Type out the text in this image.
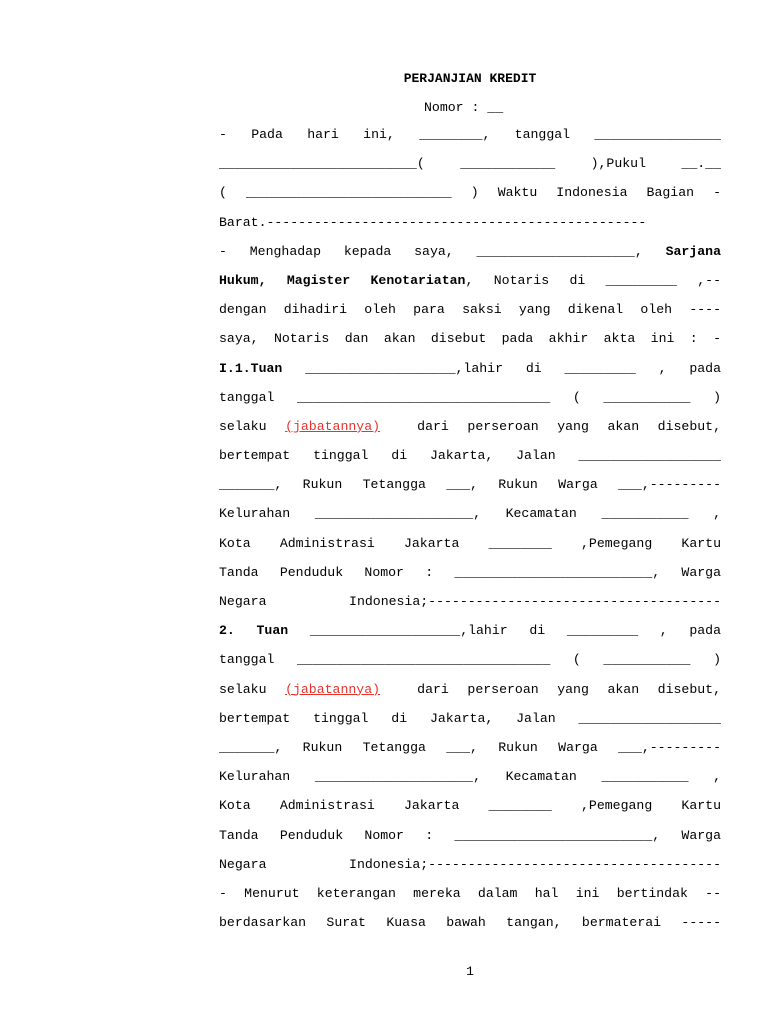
PERJANJIAN KREDIT
Nomor : __
- Pada hari ini, ________, tanggal ________________
_________________________( ____________ ),Pukul __.__
( __________________________ ) Waktu Indonesia Bagian -
Barat.------------------------------------------------
- Menghadap kepada saya, ____________________, Sarjana
Hukum, Magister Kenotariatan, Notaris di _________ ,--
dengan dihadiri oleh para saksi yang dikenal oleh ----
saya, Notaris dan akan disebut pada akhir akta ini : -
I.1.Tuan ___________________,lahir di _________ , pada
tanggal ________________________________ ( ___________ )
selaku (jabatannya)  dari perseroan yang akan disebut,
bertempat tinggal di Jakarta, Jalan __________________
_______, Rukun Tetangga ___, Rukun Warga ___,---------
Kelurahan ____________________, Kecamatan ___________ ,
Kota Administrasi Jakarta ________ ,Pemegang Kartu
Tanda Penduduk Nomor : _________________________, Warga
Negara Indonesia;-------------------------------------
2. Tuan ___________________,lahir di _________ , pada
tanggal ________________________________ ( ___________ )
selaku (jabatannya)  dari perseroan yang akan disebut,
bertempat tinggal di Jakarta, Jalan __________________
_______, Rukun Tetangga ___, Rukun Warga ___,---------
Kelurahan ____________________, Kecamatan ___________ ,
Kota Administrasi Jakarta ________ ,Pemegang Kartu
Tanda Penduduk Nomor : _________________________, Warga
Negara Indonesia;-------------------------------------
- Menurut keterangan mereka dalam hal ini bertindak --
berdasarkan Surat Kuasa bawah tangan, bermaterai -----
1
